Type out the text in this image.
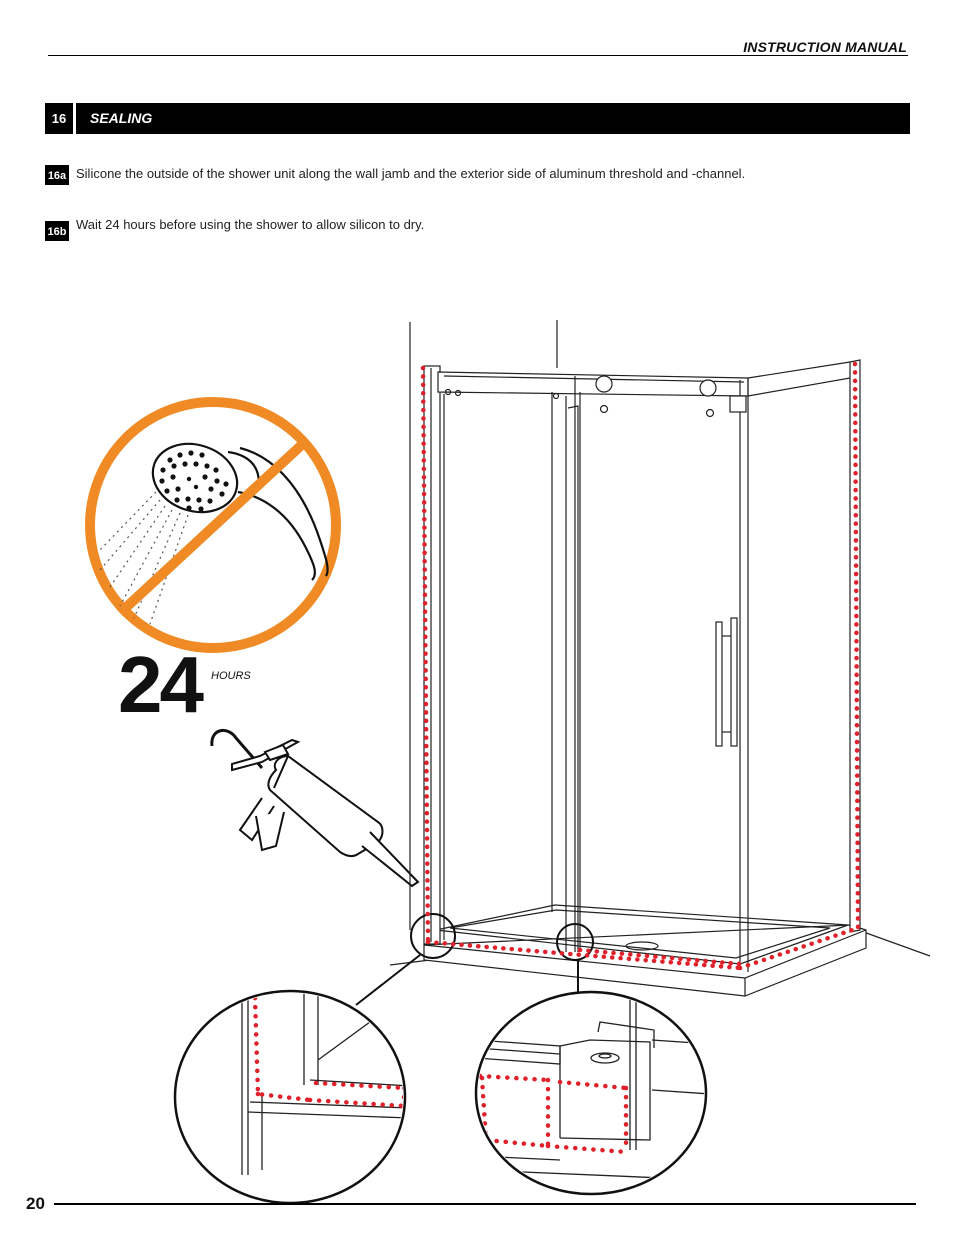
INSTRUCTION MANUAL
16	SEALING
16a Silicone the outside of the shower unit along the wall jamb and the exterior side of aluminum threshold and -channel.
16b Wait 24 hours before using the shower to allow silicon to dry.
24 HOURS
20
